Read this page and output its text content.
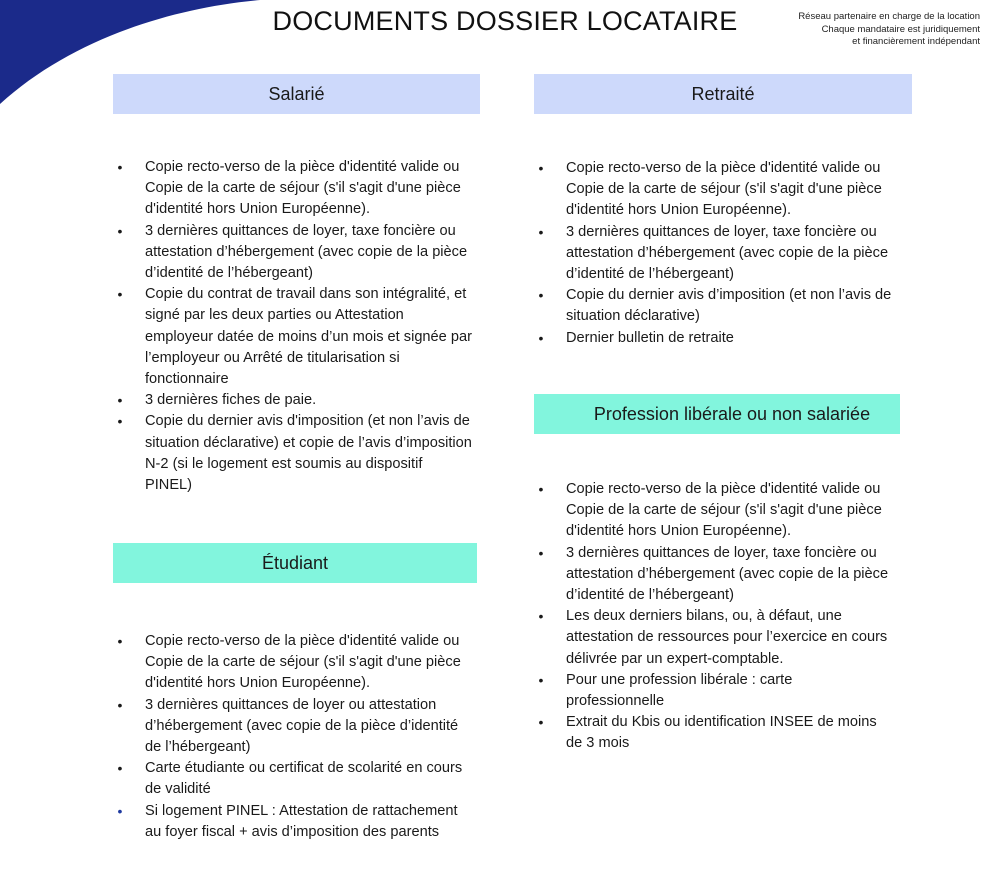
DOCUMENTS DOSSIER LOCATAIRE	Réseau partenaire en charge de la location
Chaque mandataire est juridiquement
et financièrement indépendant
Salarié
•	Copie recto-verso de la pièce d'identité valide ou Copie de la carte de séjour (s'il s'agit d'une pièce d'identité hors Union Européenne).
•	3 dernières quittances de loyer, taxe foncière ou attestation d’hébergement (avec copie de la pièce d’identité de l’hébergeant)
•	Copie du contrat de travail dans son intégralité, et signé par les deux parties ou Attestation employeur datée de moins d’un mois et signée par l’employeur ou Arrêté de titularisation si fonctionnaire
•	3 dernières fiches de paie.
•	Copie du dernier avis d'imposition (et non l’avis de situation déclarative) et copie de l’avis d’imposition N-2 (si le logement est soumis au dispositif PINEL)
Étudiant
•	Copie recto-verso de la pièce d'identité valide ou Copie de la carte de séjour (s'il s'agit d'une pièce d'identité hors Union Européenne).
•	3 dernières quittances de loyer ou attestation d’hébergement (avec copie de la pièce d’identité de l’hébergeant)
•	Carte étudiante ou certificat de scolarité en cours de validité
•	Si logement PINEL : Attestation de rattachement au foyer fiscal + avis d’imposition des parents
Retraité
•	Copie recto-verso de la pièce d'identité valide ou Copie de la carte de séjour (s'il s'agit d'une pièce d'identité hors Union Européenne).
•	3 dernières quittances de loyer, taxe foncière ou attestation d’hébergement (avec copie de la pièce d’identité de l’hébergeant)
•	Copie du dernier avis d’imposition (et non l’avis de situation déclarative)
•	Dernier bulletin de retraite
Profession libérale ou non salariée
•	Copie recto-verso de la pièce d'identité valide ou Copie de la carte de séjour (s'il s'agit d'une pièce d'identité hors Union Européenne).
•	3 dernières quittances de loyer, taxe foncière ou attestation d’hébergement (avec copie de la pièce d’identité de l’hébergeant)
•	Les deux derniers bilans, ou, à défaut, une attestation de ressources pour l’exercice en cours délivrée par un expert-comptable.
•	Pour une profession libérale : carte professionnelle
•	Extrait du Kbis ou identification INSEE de moins de 3 mois
